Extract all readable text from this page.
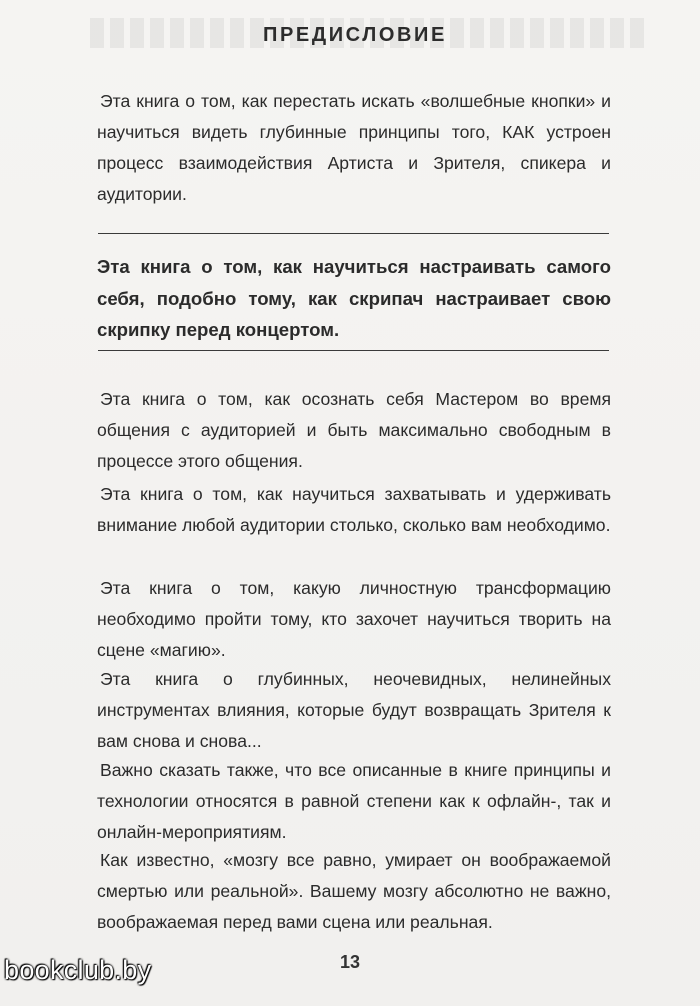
ПРЕДИСЛОВИЕ

Эта книга о том, как перестать искать «волшебные кнопки» и научиться видеть глубинные принципы того, КАК устроен процесс взаимодействия Артиста и Зрителя, спикера и аудитории.

Эта книга о том, как научиться настраивать самого себя, подобно тому, как скрипач настраивает свою скрипку перед концертом.

Эта книга о том, как осознать себя Мастером во время общения с аудиторией и быть максимально свободным в процессе этого общения.

Эта книга о том, как научиться захватывать и удерживать внимание любой аудитории столько, сколько вам необходимо.

Эта книга о том, какую личностную трансформацию необходимо пройти тому, кто захочет научиться творить на сцене «магию».

Эта книга о глубинных, неочевидных, нелинейных инструментах влияния, которые будут возвращать Зрителя к вам снова и снова...

Важно сказать также, что все описанные в книге принципы и технологии относятся в равной степени как к офлайн-, так и онлайн-мероприятиям.

Как известно, «мозгу все равно, умирает он воображаемой смертью или реальной». Вашему мозгу абсолютно не важно, воображаемая перед вами сцена или реальная.

13
bookclub.by
